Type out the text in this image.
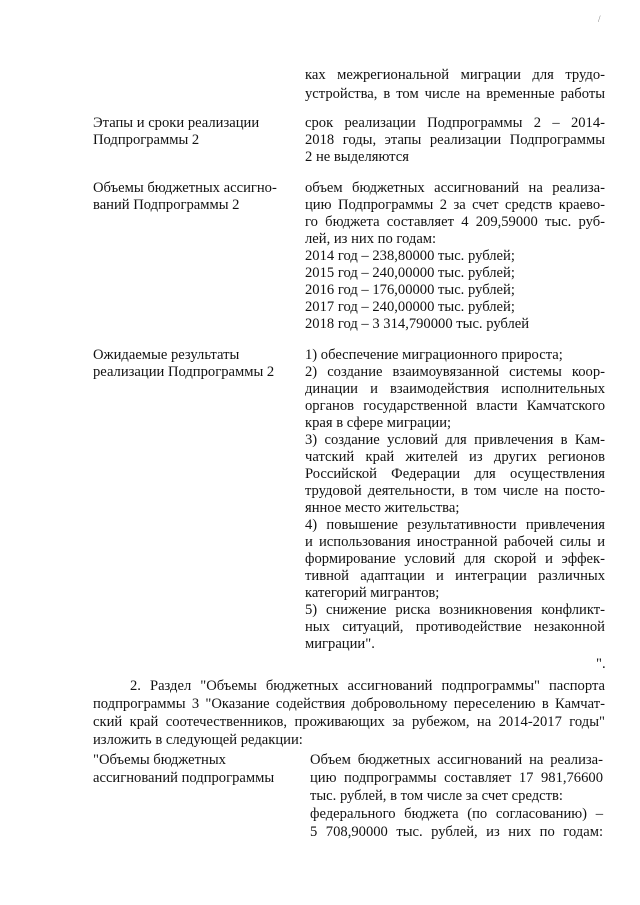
/
ках межрегиональной миграции для трудо-
устройства, в том числе на временные работы
Этапы и сроки реализации
Подпрограммы 2
срок реализации Подпрограммы 2 – 2014-
2018 годы, этапы реализации Подпрограммы
2 не выделяются
Объемы бюджетных ассигно-
ваний Подпрограммы 2
объем бюджетных ассигнований на реализа-
цию Подпрограммы 2 за счет средств краево-
го бюджета составляет 4 209,59000 тыс. руб-
лей, из них по годам:
2014 год – 238,80000 тыс. рублей;
2015 год – 240,00000 тыс. рублей;
2016 год – 176,00000 тыс. рублей;
2017 год – 240,00000 тыс. рублей;
2018 год – 3 314,790000 тыс. рублей
Ожидаемые результаты
реализации Подпрограммы 2
1) обеспечение миграционного прироста;
2) создание взаимоувязанной системы коор-
динации и взаимодействия исполнительных
органов государственной власти Камчатского
края в сфере миграции;
3) создание условий для привлечения в Кам-
чатский край жителей из других регионов
Российской Федерации для осуществления
трудовой деятельности, в том числе на посто-
янное место жительства;
4) повышение результативности привлечения
и использования иностранной рабочей силы и
формирование условий для скорой и эффек-
тивной адаптации и интеграции различных
категорий мигрантов;
5) снижение риска возникновения конфликт-
ных ситуаций, противодействие незаконной
миграции".
".
2. Раздел "Объемы бюджетных ассигнований подпрограммы" паспорта
подпрограммы 3 "Оказание содействия добровольному переселению в Камчат-
ский край соотечественников, проживающих за рубежом, на 2014-2017 годы"
изложить в следующей редакции:
"Объемы бюджетных
ассигнований подпрограммы
Объем бюджетных ассигнований на реализа-
цию подпрограммы составляет 17 981,76600
тыс. рублей, в том числе за счет средств:
федерального бюджета (по согласованию) –
5 708,90000 тыс. рублей, из них по годам:
